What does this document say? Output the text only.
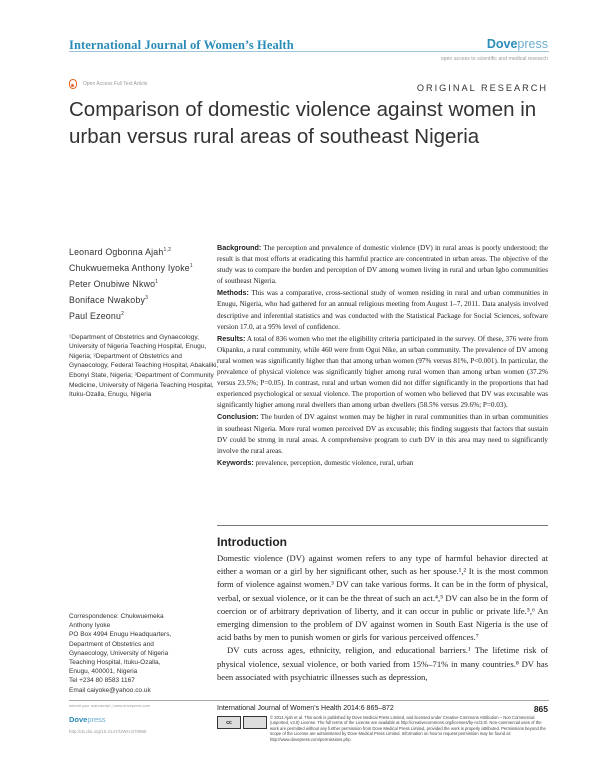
International Journal of Women’s Health	Dovepress
open access to scientific and medical research
Open Access Full Text Article	ORIGINAL RESEARCH
Comparison of domestic violence against women in urban versus rural areas of southeast Nigeria
Leonard Ogbonna Ajah$^{1,2}$
Chukwuemeka Anthony Iyoke$^1$
Peter Onubiwe Nkwo$^1$
Boniface Nwakoby$^3$
Paul Ezeonu$^2$
¹Department of Obstetrics and Gynaecology, University of Nigeria Teaching Hospital, Enugu, Nigeria; ²Department of Obstetrics and Gynaecology, Federal Teaching Hospital, Abakaliki, Ebonyi State, Nigeria; ³Department of Community Medicine, University of Nigeria Teaching Hospital, Ituku-Ozalla, Enugu, Nigeria
Correspondence: Chukwuemeka
Anthony Iyoke
PO Box 4994 Enugu Headquarters,
Department of Obstetrics and
Gynaecology, University of Nigeria
Teaching Hospital, Ituku-Ozalla,
Enugu, 400001, Nigeria
Tel +234 80 8583 1167
Email caiyoke@yahoo.co.uk

Background: The perception and prevalence of domestic violence (DV) in rural areas is poorly understood; the result is that most efforts at eradicating this harmful practice are concentrated in urban areas. The objective of the study was to compare the burden and perception of DV among women living in rural and urban Igbo communities of southeast Nigeria.

Methods: This was a comparative, cross-sectional study of women residing in rural and urban communities in Enugu, Nigeria, who had gathered for an annual religious meeting from August 1–7, 2011. Data analysis involved descriptive and inferential statistics and was conducted with the Statistical Package for Social Sciences, software version 17.0, at a 95% level of confidence.

Results: A total of 836 women who met the eligibility criteria participated in the survey. Of these, 376 were from Okpanku, a rural community, while 460 were from Ogui Nike, an urban community. The prevalence of DV among rural women was significantly higher than that among urban women (97% versus 81%, P<0.001). In particular, the prevalence of physical violence was significantly higher among rural women than among urban women (37.2% versus 23.5%; P=0.05). In contrast, rural and urban women did not differ significantly in the proportions that had experienced psychological or sexual violence. The proportion of women who believed that DV was excusable was significantly higher among rural dwellers than among urban dwellers (58.5% versus 29.6%; P=0.03).

Conclusion: The burden of DV against women may be higher in rural communities than in urban communities in southeast Nigeria. More rural women perceived DV as excusable; this finding suggests that factors that sustain DV could be strong in rural areas. A comprehensive program to curb DV in this area may need to significantly involve the rural areas.

Keywords: prevalence, perception, domestic violence, rural, urban

Introduction

Domestic violence (DV) against women refers to any type of harmful behavior directed at either a woman or a girl by her significant other, such as her spouse.¹,² It is the most common form of violence against women.³ DV can take various forms. It can be in the form of physical, verbal, or sexual violence, or it can be the threat of such an act.⁴,⁵ DV can also be in the form of coercion or of arbitrary deprivation of liberty, and it can occur in public or private life.⁵,⁶ An emerging dimension to the problem of DV against women in South East Nigeria is the use of acid baths by men to punish women or girls for various perceived offences.⁷

DV cuts across ages, ethnicity, religion, and educational barriers.¹ The lifetime risk of physical violence, sexual violence, or both varied from 15%–71% in many countries.⁸ DV has been associated with psychiatric illnesses such as depression,

submit your manuscript | www.dovepress.com
Dovepress
http://dx.doi.org/10.2147/IJWH.S70956
International Journal of Women’s Health 2014:6 865–872	865
cc
© 2014 Ajah et al. This work is published by Dove Medical Press Limited, and licensed under Creative Commons Attribution – Non Commercial (unported, v3.0) License. The full terms of the License are available at http://creativecommons.org/licenses/by-nc/3.0/. Non-commercial uses of the work are permitted without any further permission from Dove Medical Press Limited, provided the work is properly attributed. Permissions beyond the scope of the License are administered by Dove Medical Press Limited. Information on how to request permission may be found at: http://www.dovepress.com/permissions.php
